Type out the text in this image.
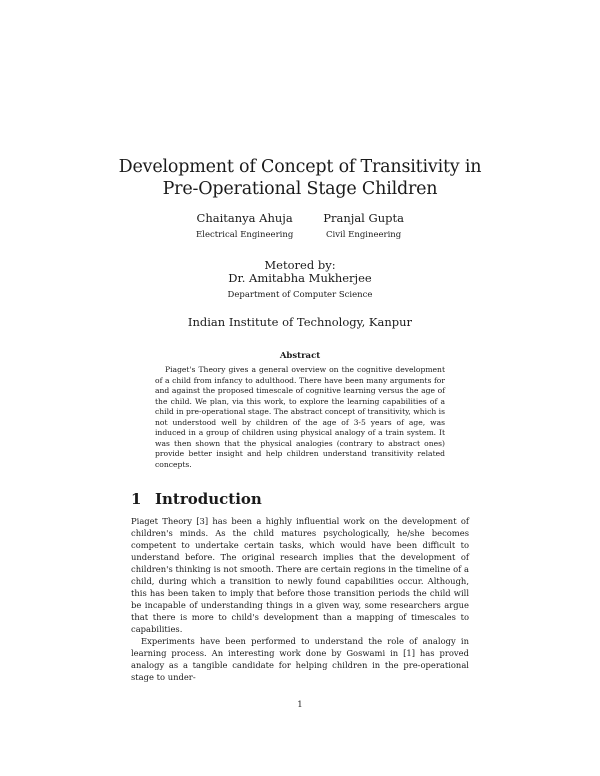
Development of Concept of Transitivity in
Pre-Operational Stage Children
Chaitanya Ahuja
Electrical Engineering
Pranjal Gupta
Civil Engineering
Metored by:
Dr. Amitabha Mukherjee
Department of Computer Science
Indian Institute of Technology, Kanpur
Abstract

Piaget's Theory gives a general overview on the cognitive development of a child from infancy to adulthood. There have been many arguments for and against the proposed timescale of cognitive learning versus the age of the child. We plan, via this work, to explore the learning capabilities of a child in pre-operational stage. The abstract concept of transitivity, which is not understood well by children of the age of 3-5 years of age, was induced in a group of children using physical analogy of a train system. It was then shown that the physical analogies (contrary to abstract ones) provide better insight and help children understand transitivity related concepts.

1 Introduction

Piaget Theory [3] has been a highly influential work on the development of children's minds. As the child matures psychologically, he/she becomes competent to undertake certain tasks, which would have been difficult to understand before. The original research implies that the development of children's thinking is not smooth. There are certain regions in the timeline of a child, during which a transition to newly found capabilities occur. Although, this has been taken to imply that before those transition periods the child will be incapable of understanding things in a given way, some researchers argue that there is more to child's development than a mapping of timescales to capabilities.

Experiments have been performed to understand the role of analogy in learning process. An interesting work done by Goswami in [1] has proved analogy as a tangible candidate for helping children in the pre-operational stage to under-

1
